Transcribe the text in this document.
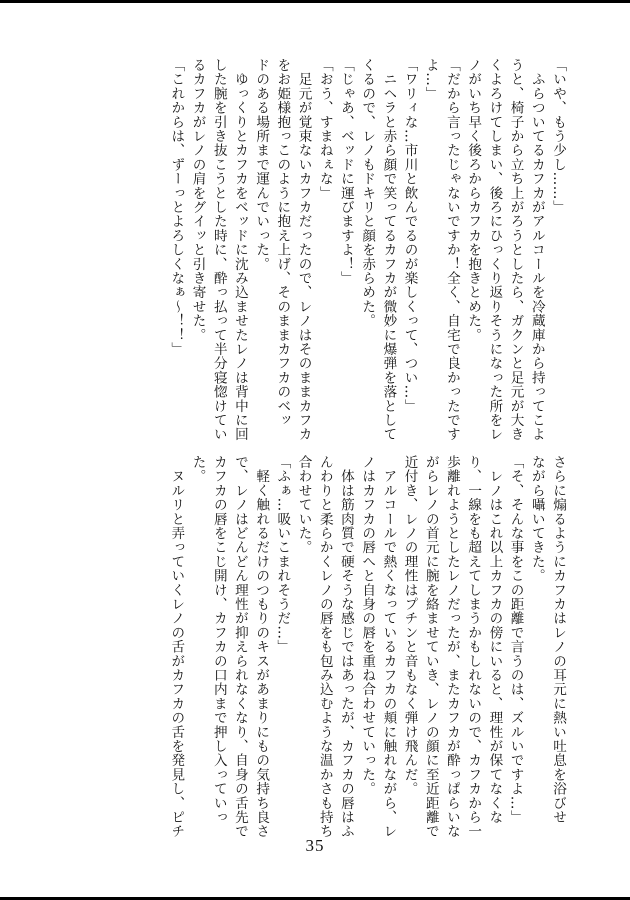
「いや、もう少し……」
　ふらついてるカフカがアルコールを冷蔵庫から持ってこよ
うと、椅子から立ち上がろうとしたら、ガクンと足元が大き
くよろけてしまい、後ろにひっくり返りそうになった所をレ
ノがいち早く後ろからカフカを抱きとめた。
「だから言ったじゃないですか！全く、自宅で良かったです
よ…」
「ワリィな…市川と飲んでるのが楽しくって、つい…」
　ニヘラと赤ら顔で笑ってるカフカが微妙に爆弾を落として
くるので、レノもドキリと顔を赤らめた。
「じゃあ、ベッドに運びますよ！」
「おう、すまねぇな」
　足元が覚束ないカフカだったので、レノはそのままカフカ
をお姫様抱っこのように抱え上げ、そのままカフカのベッ
ドのある場所まで運んでいった。
　ゆっくりとカフカをベッドに沈み込ませたレノは背中に回
した腕を引き抜こうとした時に、酔っ払って半分寝惚けてい
るカフカがレノの肩をグイッと引き寄せた。
「これからは、ずーっとよろしくなぁ〜！！」
さらに煽るようにカフカはレノの耳元に熱い吐息を浴びせ
ながら囁いてきた。
「そ、そんな事をこの距離で言うのは、ズルいですよ…」
　レノはこれ以上カフカの傍にいると、理性が保てなくな
り、一線をも超えてしまうかもしれないので、カフカから一
歩離れようとしたレノだったが、またカフカが酔っぱらいな
がらレノの首元に腕を絡ませていき、レノの顔に至近距離で
近付き、レノの理性はプチンと音もなく弾け飛んだ。
　アルコールで熱くなっているカフカの頬に触れながら、レ
ノはカフカの唇へと自身の唇を重ね合わせていった。
　体は筋肉質で硬そうな感じではあったが、カフカの唇はふ
んわりと柔らかくレノの唇をも包み込むような温かさも持ち
合わせていた。
「ふぁ…吸いこまれそうだ…」
　軽く触れるだけのつもりのキスがあまりにもの気持ち良さ
で、レノはどんどん理性が抑えられなくなり、自身の舌先で
カフカの唇をこじ開け、カフカの口内まで押し入っていっ
た。
　ヌルリと弄っていくレノの舌がカフカの舌を発見し、ピチ
35
